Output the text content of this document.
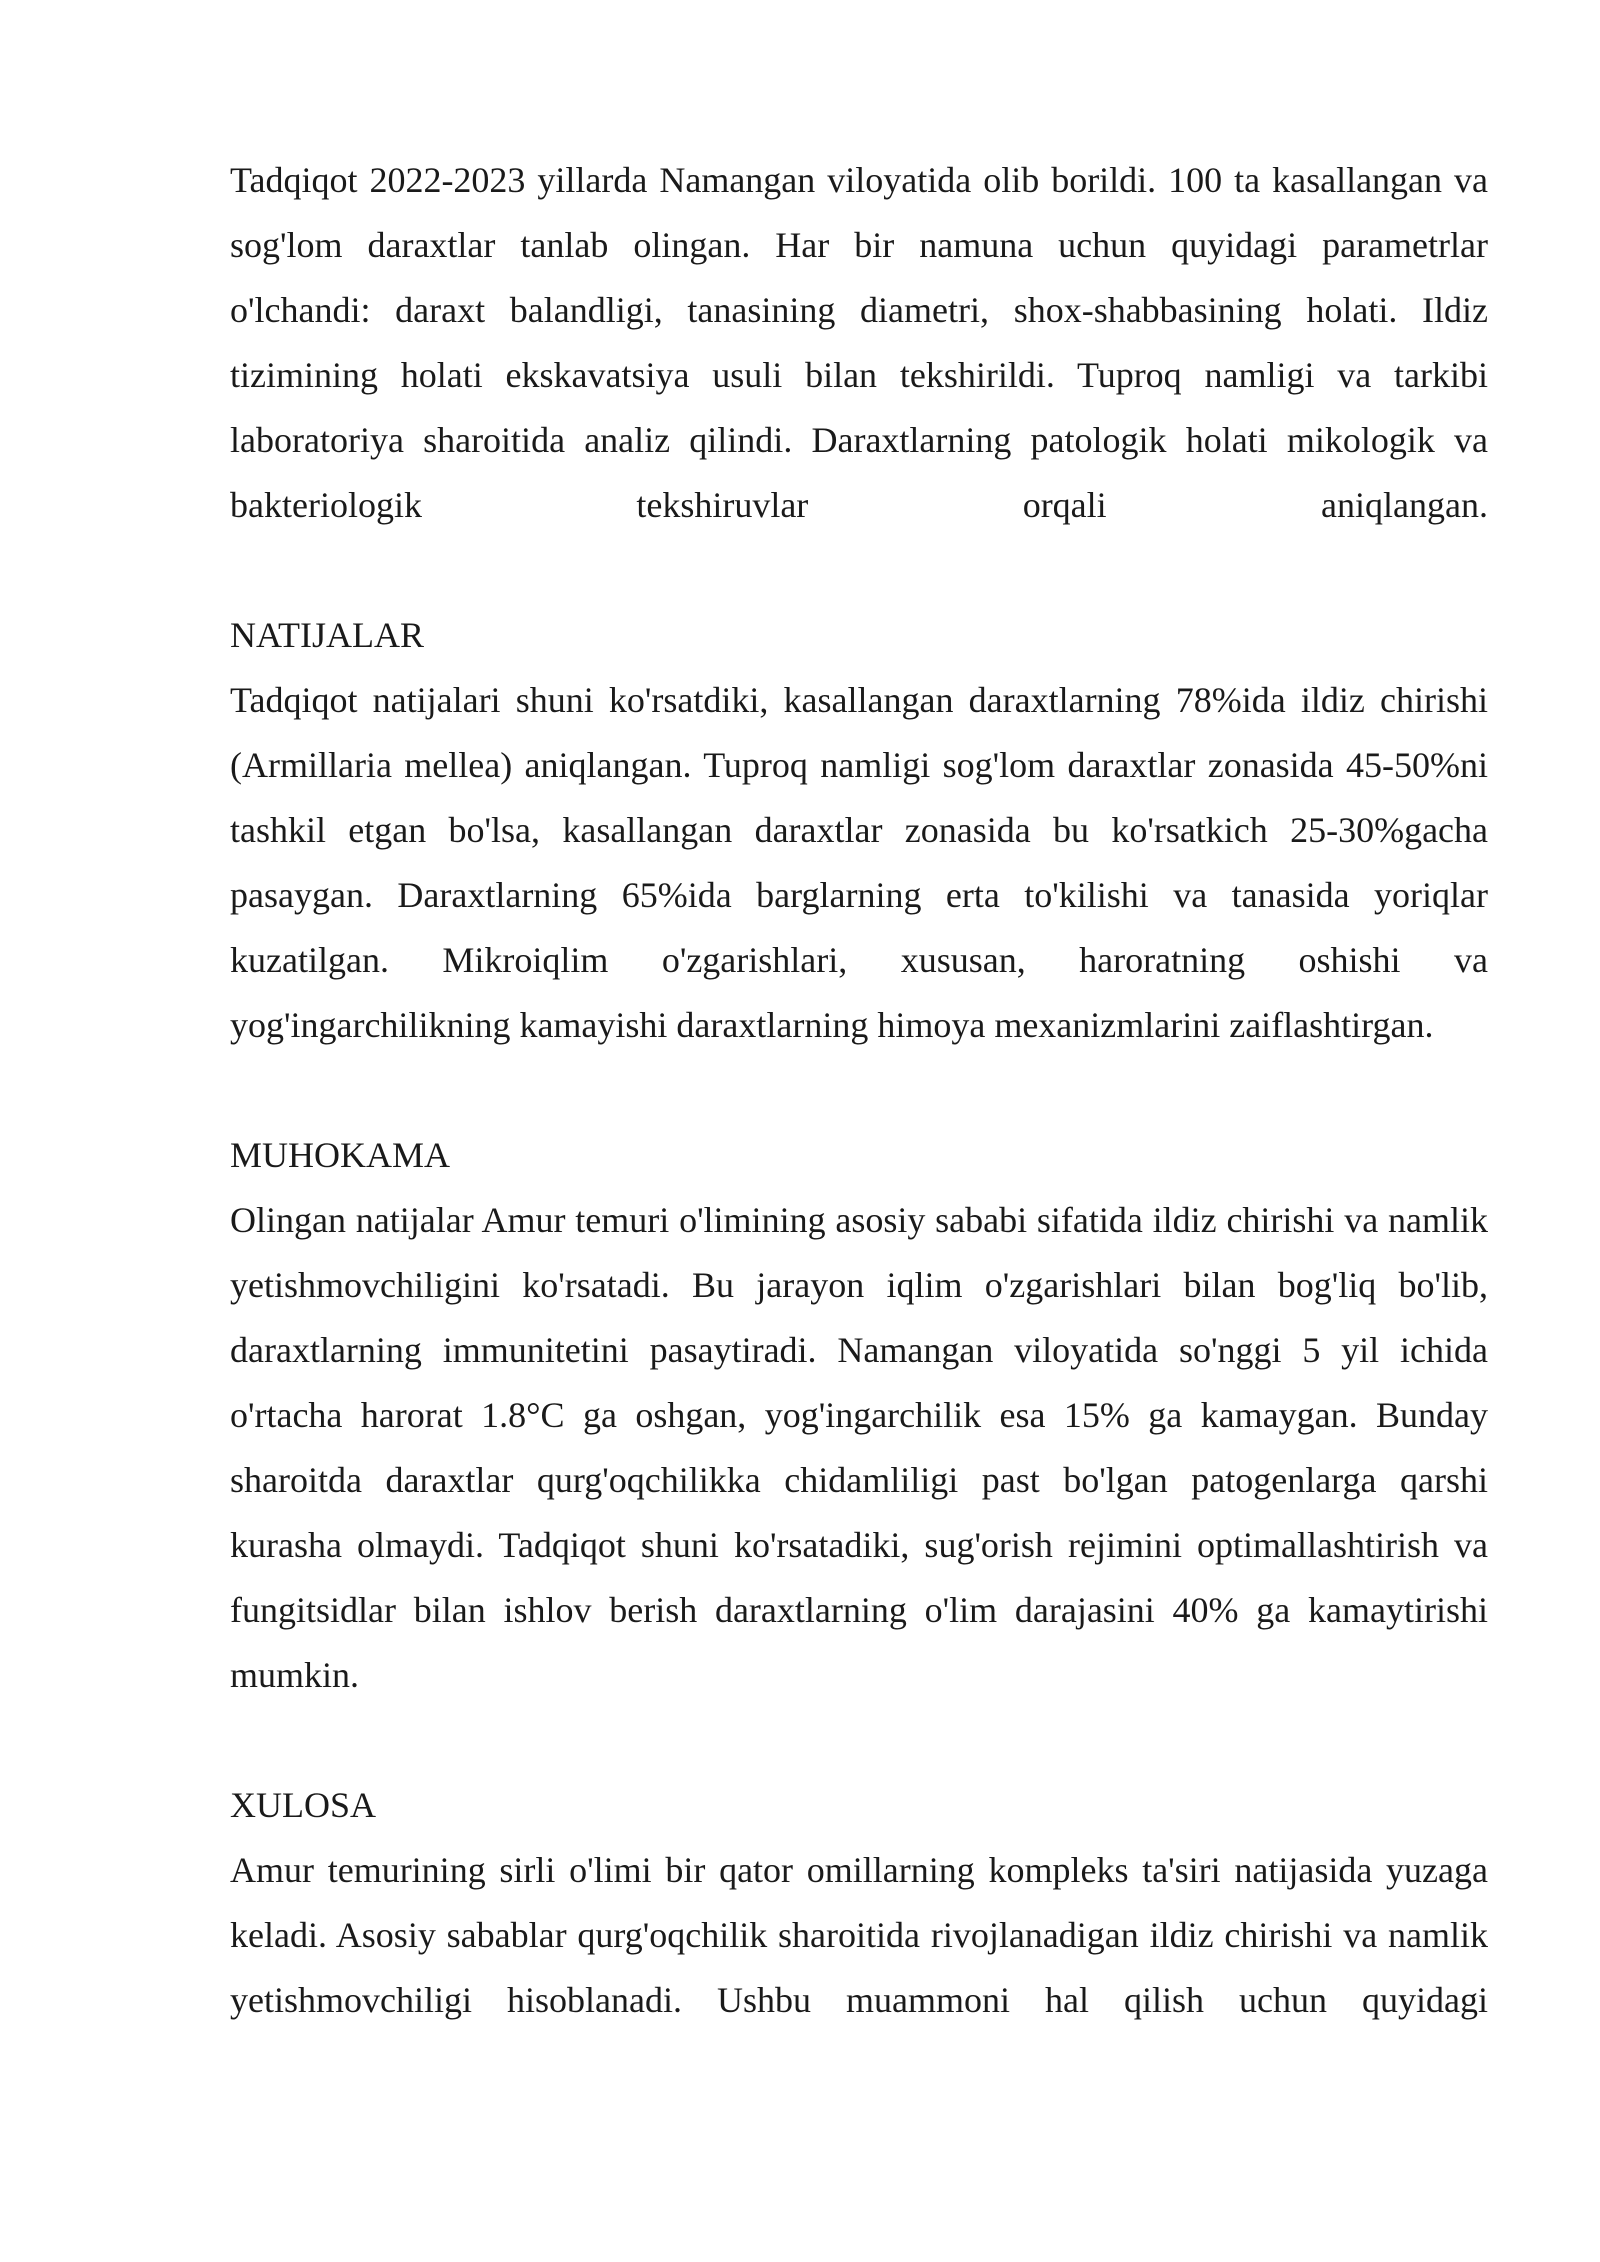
Tadqiqot 2022-2023 yillarda Namangan viloyatida olib borildi. 100 ta kasallangan va sog'lom daraxtlar tanlab olingan. Har bir namuna uchun quyidagi parametrlar o'lchandi: daraxt balandligi, tanasining diametri, shox-shabbasining holati. Ildiz tizimining holati ekskavatsiya usuli bilan tekshirildi. Tuproq namligi va tarkibi laboratoriya sharoitida analiz qilindi. Daraxtlarning patologik holati mikologik va bakteriologik tekshiruvlar orqali aniqlangan.

NATIJALAR

Tadqiqot natijalari shuni ko'rsatdiki, kasallangan daraxtlarning 78%ida ildiz chirishi (Armillaria mellea) aniqlangan. Tuproq namligi sog'lom daraxtlar zonasida 45-50%ni tashkil etgan bo'lsa, kasallangan daraxtlar zonasida bu ko'rsatkich 25-30%gacha pasaygan. Daraxtlarning 65%ida barglarning erta to'kilishi va tanasida yoriqlar kuzatilgan. Mikroiqlim o'zgarishlari, xususan, haroratning oshishi va yog'ingarchilikning kamayishi daraxtlarning himoya mexanizmlarini zaiflashtirgan.

MUHOKAMA

Olingan natijalar Amur temuri o'limining asosiy sababi sifatida ildiz chirishi va namlik yetishmovchiligini ko'rsatadi. Bu jarayon iqlim o'zgarishlari bilan bog'liq bo'lib, daraxtlarning immunitetini pasaytiradi. Namangan viloyatida so'nggi 5 yil ichida o'rtacha harorat 1.8°C ga oshgan, yog'ingarchilik esa 15% ga kamaygan. Bunday sharoitda daraxtlar qurg'oqchilikka chidamliligi past bo'lgan patogenlarga qarshi kurasha olmaydi. Tadqiqot shuni ko'rsatadiki, sug'orish rejimini optimallashtirish va fungitsidlar bilan ishlov berish daraxtlarning o'lim darajasini 40% ga kamaytirishi mumkin.

XULOSA

Amur temurining sirli o'limi bir qator omillarning kompleks ta'siri natijasida yuzaga keladi. Asosiy sabablar qurg'oqchilik sharoitida rivojlanadigan ildiz chirishi va namlik yetishmovchiligi hisoblanadi. Ushbu muammoni hal qilish uchun quyidagi
